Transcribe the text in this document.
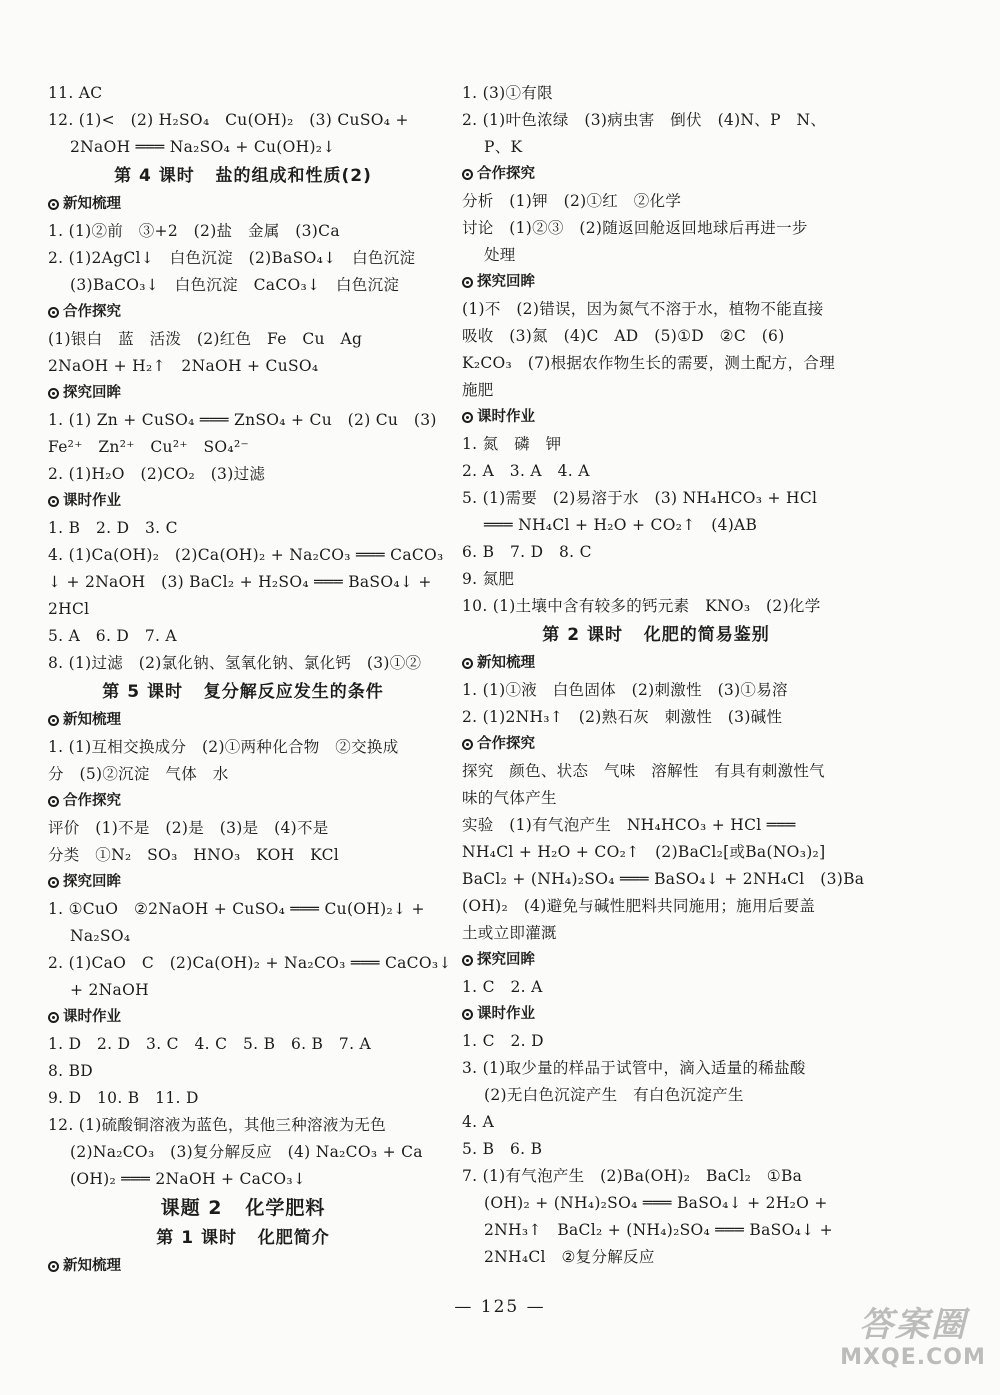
11. AC
12. (1)<   (2) H₂SO₄   Cu(OH)₂   (3) CuSO₄ +
2NaOH ═══ Na₂SO₄ + Cu(OH)₂↓
第 4 课时   盐的组成和性质(2)
新知梳理
1. (1)②前   ③+2   (2)盐   金属   (3)Ca
2. (1)2AgCl↓   白色沉淀   (2)BaSO₄↓   白色沉淀
(3)BaCO₃↓   白色沉淀   CaCO₃↓   白色沉淀
合作探究
(1)银白   蓝   活泼   (2)红色   Fe   Cu   Ag
2NaOH + H₂↑   2NaOH + CuSO₄
探究回眸
1. (1) Zn + CuSO₄ ═══ ZnSO₄ + Cu   (2) Cu   (3)
Fe²⁺   Zn²⁺   Cu²⁺   SO₄²⁻
2. (1)H₂O   (2)CO₂   (3)过滤
课时作业
1. B   2. D   3. C
4. (1)Ca(OH)₂   (2)Ca(OH)₂ + Na₂CO₃ ═══ CaCO₃
↓ + 2NaOH   (3) BaCl₂ + H₂SO₄ ═══ BaSO₄↓ +
2HCl
5. A   6. D   7. A
8. (1)过滤   (2)氯化钠、氢氧化钠、氯化钙   (3)①②
第 5 课时   复分解反应发生的条件
新知梳理
1. (1)互相交换成分   (2)①两种化合物   ②交换成
分   (5)②沉淀   气体   水
合作探究
评价   (1)不是   (2)是   (3)是   (4)不是
分类   ①N₂   SO₃   HNO₃   KOH   KCl
探究回眸
1. ①CuO   ②2NaOH + CuSO₄ ═══ Cu(OH)₂↓ +
Na₂SO₄
2. (1)CaO   C   (2)Ca(OH)₂ + Na₂CO₃ ═══ CaCO₃↓
+ 2NaOH
课时作业
1. D   2. D   3. C   4. C   5. B   6. B   7. A
8. BD
9. D   10. B   11. D
12. (1)硫酸铜溶液为蓝色，其他三种溶液为无色
(2)Na₂CO₃   (3)复分解反应   (4) Na₂CO₃ + Ca
(OH)₂ ═══ 2NaOH + CaCO₃↓
课题 2   化学肥料
第 1 课时   化肥简介
新知梳理
1. (3)①有限
2. (1)叶色浓绿   (3)病虫害   倒伏   (4)N、P   N、
P、K
合作探究
分析   (1)钾   (2)①红   ②化学
讨论   (1)②③   (2)随返回舱返回地球后再进一步
处理
探究回眸
(1)不   (2)错误，因为氮气不溶于水，植物不能直接
吸收   (3)氮   (4)C   AD   (5)①D   ②C   (6)
K₂CO₃   (7)根据农作物生长的需要，测土配方，合理
施肥
课时作业
1. 氮   磷   钾
2. A   3. A   4. A
5. (1)需要   (2)易溶于水   (3) NH₄HCO₃ + HCl
═══ NH₄Cl + H₂O + CO₂↑   (4)AB
6. B   7. D   8. C
9. 氮肥
10. (1)土壤中含有较多的钙元素   KNO₃   (2)化学
第 2 课时   化肥的简易鉴别
新知梳理
1. (1)①液   白色固体   (2)刺激性   (3)①易溶
2. (1)2NH₃↑   (2)熟石灰   刺激性   (3)碱性
合作探究
探究   颜色、状态   气味   溶解性   有具有刺激性气
味的气体产生
实验   (1)有气泡产生   NH₄HCO₃ + HCl ═══
NH₄Cl + H₂O + CO₂↑   (2)BaCl₂[或Ba(NO₃)₂]
BaCl₂ + (NH₄)₂SO₄ ═══ BaSO₄↓ + 2NH₄Cl   (3)Ba
(OH)₂   (4)避免与碱性肥料共同施用；施用后要盖
土或立即灌溉
探究回眸
1. C   2. A
课时作业
1. C   2. D
3. (1)取少量的样品于试管中，滴入适量的稀盐酸
(2)无白色沉淀产生   有白色沉淀产生
4. A
5. B   6. B
7. (1)有气泡产生   (2)Ba(OH)₂   BaCl₂   ①Ba
(OH)₂ + (NH₄)₂SO₄ ═══ BaSO₄↓ + 2H₂O +
2NH₃↑   BaCl₂ + (NH₄)₂SO₄ ═══ BaSO₄↓ +
2NH₄Cl   ②复分解反应
— 125 —	答案圈
MXQE.COM
